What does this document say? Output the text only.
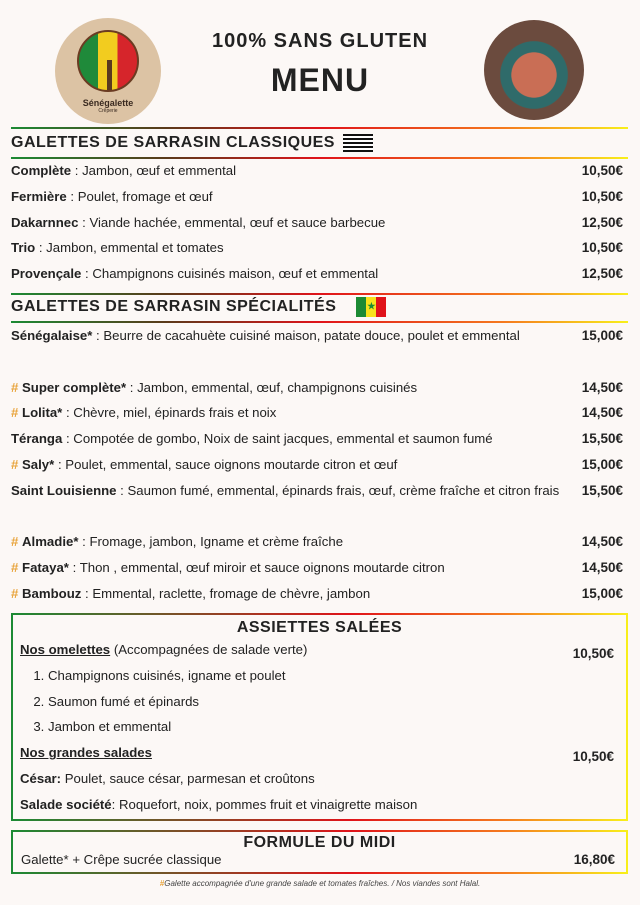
Sénégalette
Crêperie
100% SANS GLUTEN
MENU
GALETTES DE SARRASIN CLASSIQUES
Complète : Jambon, œuf et emmental	10,50€
Fermière : Poulet, fromage et œuf	10,50€
Dakarnnec : Viande hachée, emmental, œuf et sauce barbecue	12,50€
Trio : Jambon, emmental et tomates	10,50€
Provençale : Champignons cuisinés maison, œuf et emmental	12,50€
GALETTES DE SARRASIN SPÉCIALITÉS★
Sénégalaise* : Beurre de cacahuète cuisiné maison, patate douce, poulet et emmental	15,00€
# Super complète* : Jambon, emmental, œuf, champignons cuisinés	14,50€
# Lolita* : Chèvre, miel, épinards frais et noix	14,50€
Téranga : Compotée de gombo, Noix de saint jacques, emmental et saumon fumé	15,50€
# Saly* : Poulet, emmental, sauce oignons moutarde citron et œuf	15,00€
Saint Louisienne : Saumon fumé, emmental, épinards frais, œuf, crème fraîche et citron frais 15,50€
# Almadie* : Fromage, jambon, Igname et crème fraîche	14,50€
# Fataya* : Thon , emmental, œuf miroir et sauce oignons moutarde citron	14,50€
# Bambouz : Emmental, raclette, fromage de chèvre, jambon	15,00€
ASSIETTES SALÉES
Nos omelettes (Accompagnées de salade verte)	10,50€
1. Champignons cuisinés, igname et poulet
2. Saumon fumé et épinards
3. Jambon et emmental
Nos grandes salades	10,50€
César: Poulet, sauce césar, parmesan et croûtons
Salade société: Roquefort, noix, pommes fruit et vinaigrette maison
FORMULE DU MIDI
Galette* + Crêpe sucrée classique	16,80€
#Galette accompagnée d'une grande salade et tomates fraîches. / Nos viandes sont Halal.
